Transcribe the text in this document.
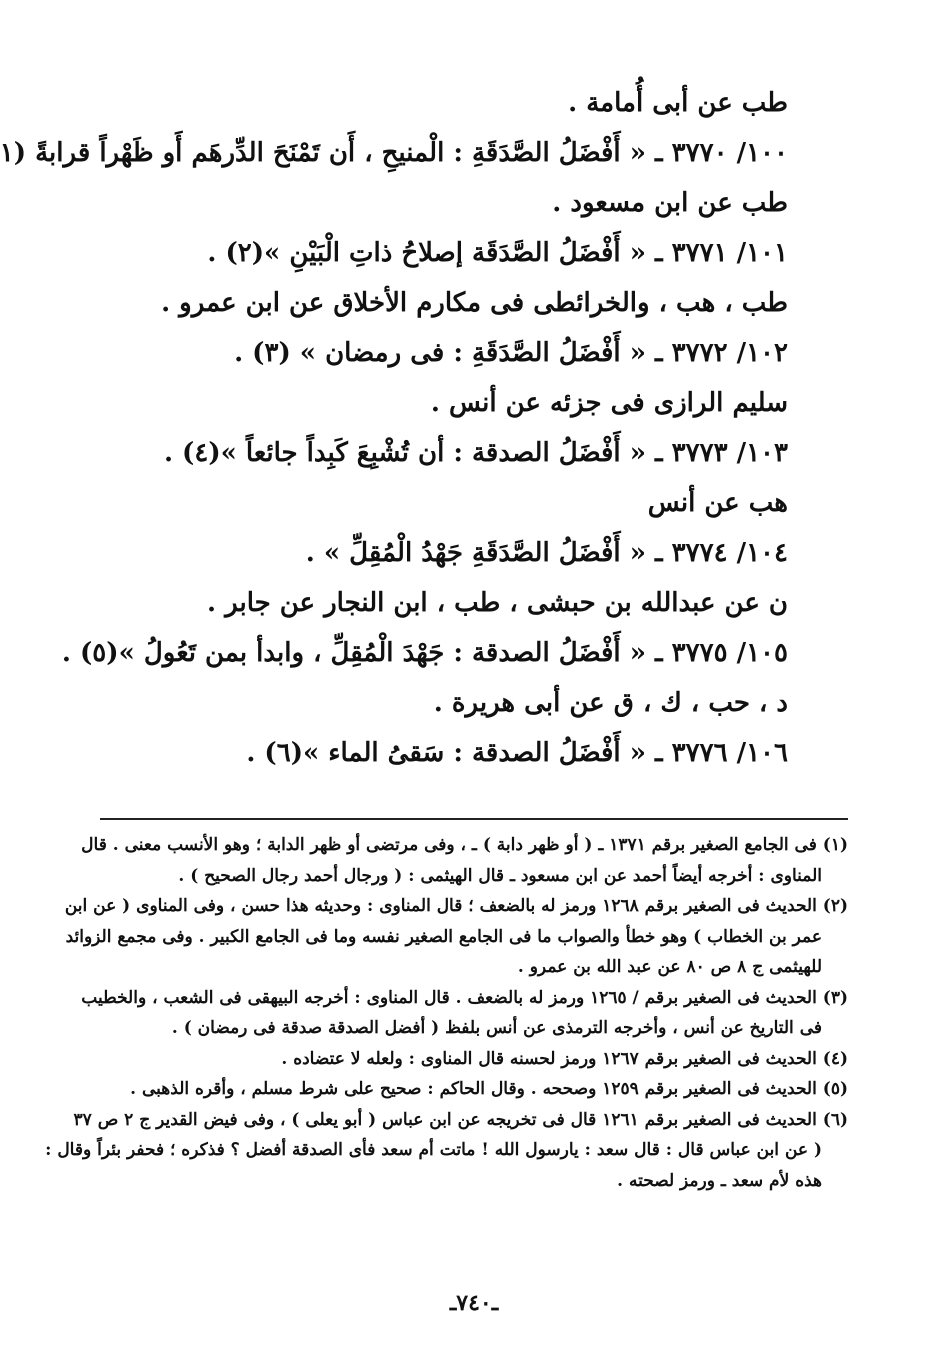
طب عن أبى أُمامة .
١٠٠/ ٣٧٧٠ ـ « أَفْضَلُ الصَّدَقَةِ : الْمنيحِ ، أَن تَمْنَحَ الدِّرهَم أَو ظَهْراً قرابةً (١
طب عن ابن مسعود .
١٠١/ ٣٧٧١ ـ « أَفْضَلُ الصَّدَقَة إصلاحُ ذاتِ الْبَيْنِ »(٢) .
طب ، هب ، والخرائطى فى مكارم الأخلاق عن ابن عمرو .
١٠٢/ ٣٧٧٢ ـ « أَفْضَلُ الصَّدَقَةِ : فى رمضان » (٣) .
سليم الرازى فى جزئه عن أنس .
١٠٣/ ٣٧٧٣ ـ « أَفْضَلُ الصدقة : أن تُشْبِعَ كَبِداً جائعاً »(٤) .
هب عن أنس
١٠٤/ ٣٧٧٤ ـ « أَفْضَلُ الصَّدَقَةِ جَهْدُ الْمُقِلِّ » .
ن عن عبدالله بن حبشى ، طب ، ابن النجار عن جابر .
١٠٥/ ٣٧٧٥ ـ « أَفْضَلُ الصدقة : جَهْدَ الْمُقِلِّ ، وابدأ بمن تَعُولُ »(٥) .
د ، حب ، ك ، ق عن أبى هريرة .
١٠٦/ ٣٧٧٦ ـ « أَفْضَلُ الصدقة : سَقىُ الماء »(٦) .
(١) فى الجامع الصغير برقم ١٣٧١ ـ ( أو ظهر دابة ) ـ ، وفى مرتضى أو ظهر الدابة ؛ وهو الأنسب معنى . قال
المناوى : أخرجه أيضاً أحمد عن ابن مسعود ـ قال الهيثمى : ( ورجال أحمد رجال الصحيح ) .
(٢) الحديث فى الصغير برقم ١٢٦٨ ورمز له بالضعف ؛ قال المناوى : وحديثه هذا حسن ، وفى المناوى ( عن ابن
عمر بن الخطاب ) وهو خطأ والصواب ما فى الجامع الصغير نفسه وما فى الجامع الكبير . وفى مجمع الزوائد
للهيثمى ج ٨ ص ٨٠ عن عبد الله بن عمرو .
(٣) الحديث فى الصغير برقم / ١٢٦٥ ورمز له بالضعف . قال المناوى : أخرجه البيهقى فى الشعب ، والخطيب
فى التاريخ عن أنس ، وأخرجه الترمذى عن أنس بلفظ ( أفضل الصدقة صدقة فى رمضان ) .
(٤) الحديث فى الصغير برقم ١٢٦٧ ورمز لحسنه قال المناوى : ولعله لا عتضاده .
(٥) الحديث فى الصغير برقم ١٢٥٩ وصححه . وقال الحاكم : صحيح على شرط مسلم ، وأقره الذهبى .
(٦) الحديث فى الصغير برقم ١٢٦١ قال فى تخريجه عن ابن عباس ( أبو يعلى ) ، وفى فيض القدير ج ٢ ص ٣٧
( عن ابن عباس قال : قال سعد : يارسول الله ! ماتت أم سعد فأى الصدقة أفضل ؟ فذكره ؛ فحفر بئراً وقال :
هذه لأم سعد ـ ورمز لصحته .
ـ٧٤٠ـ
